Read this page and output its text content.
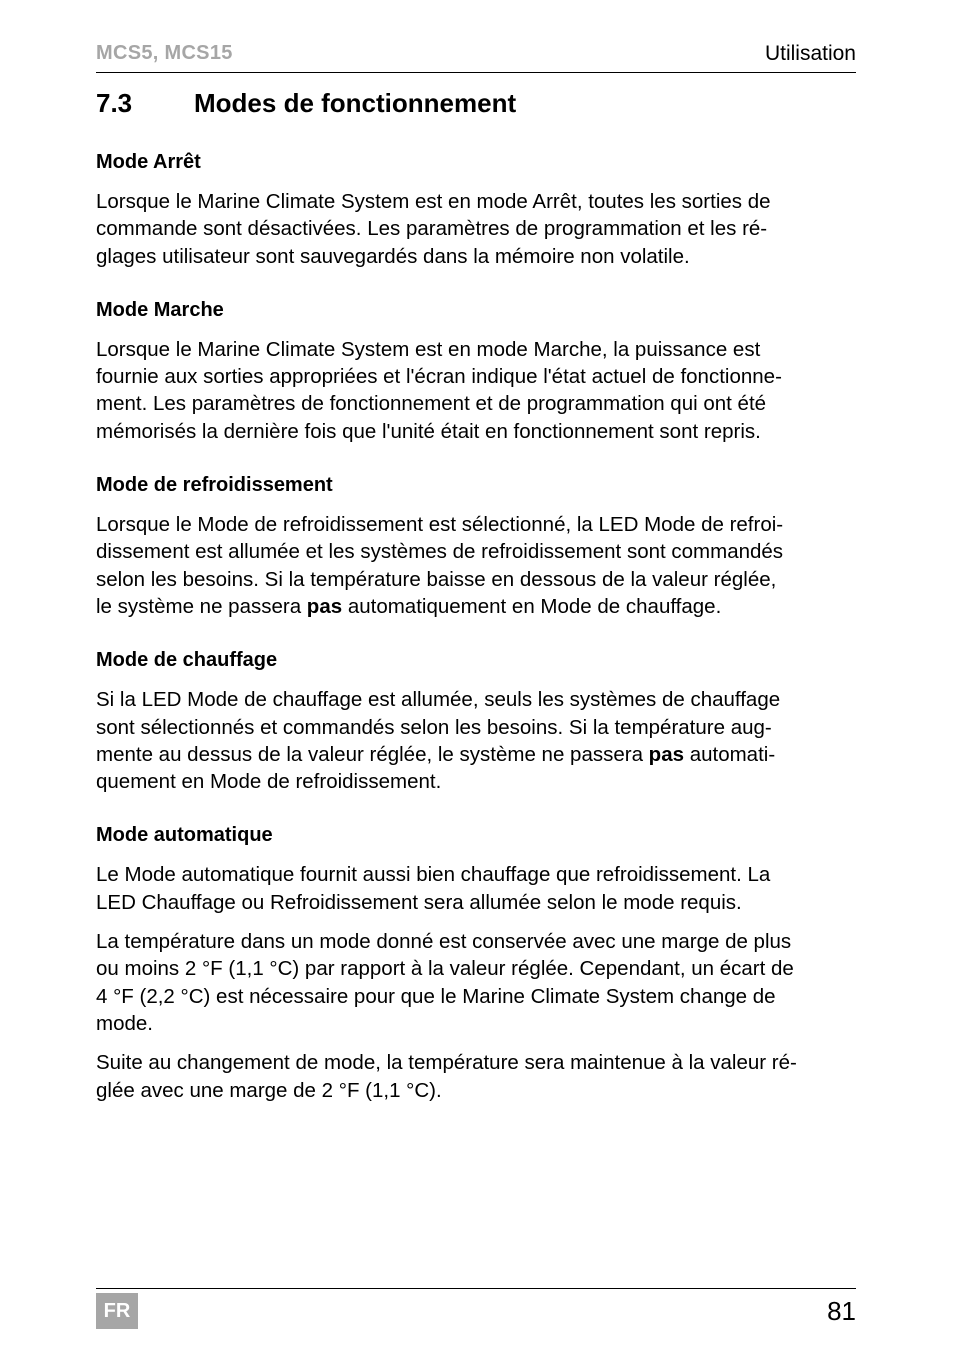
MCS5, MCS15	Utilisation
7.3 Modes de fonctionnement
Mode Arrêt
Lorsque le Marine Climate System est en mode Arrêt, toutes les sorties de
commande sont désactivées. Les paramètres de programmation et les ré-
glages utilisateur sont sauvegardés dans la mémoire non volatile.
Mode Marche
Lorsque le Marine Climate System est en mode Marche, la puissance est
fournie aux sorties appropriées et l'écran indique l'état actuel de fonctionne-
ment. Les paramètres de fonctionnement et de programmation qui ont été
mémorisés la dernière fois que l'unité était en fonctionnement sont repris.
Mode de refroidissement
Lorsque le Mode de refroidissement est sélectionné, la LED Mode de refroi-
dissement est allumée et les systèmes de refroidissement sont commandés
selon les besoins. Si la température baisse en dessous de la valeur réglée,
le système ne passera pas automatiquement en Mode de chauffage.
Mode de chauffage
Si la LED Mode de chauffage est allumée, seuls les systèmes de chauffage
sont sélectionnés et commandés selon les besoins. Si la température aug-
mente au dessus de la valeur réglée, le système ne passera pas automati-
quement en Mode de refroidissement.
Mode automatique
Le Mode automatique fournit aussi bien chauffage que refroidissement. La
LED Chauffage ou Refroidissement sera allumée selon le mode requis.
La température dans un mode donné est conservée avec une marge de plus
ou moins 2 °F (1,1 °C) par rapport à la valeur réglée. Cependant, un écart de
4 °F (2,2 °C) est nécessaire pour que le Marine Climate System change de
mode.
Suite au changement de mode, la température sera maintenue à la valeur ré-
glée avec une marge de 2 °F (1,1 °C).
FR	81
